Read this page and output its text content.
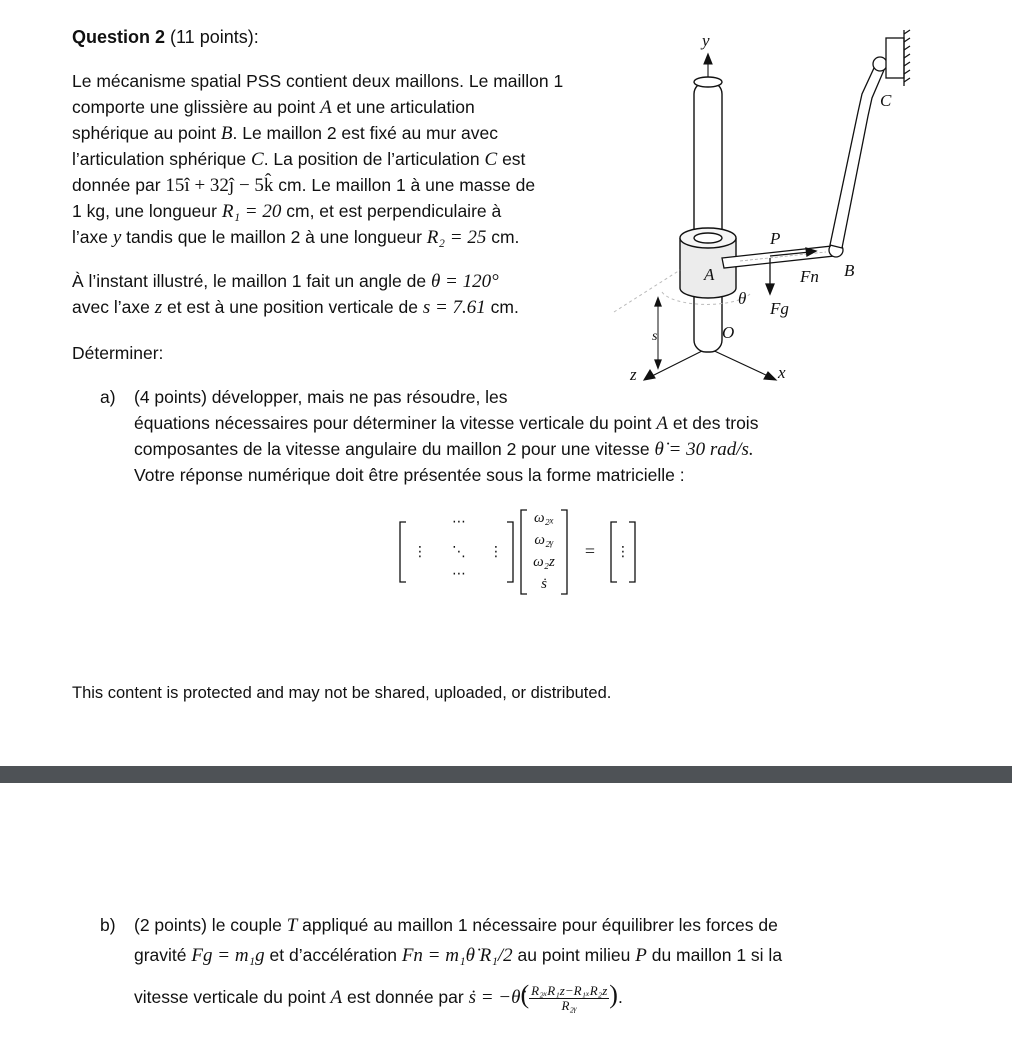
Question 2 (11 points):
Le mécanisme spatial PSS contient deux maillons. Le maillon 1
comporte une glissière au point A et une articulation
sphérique au point B. Le maillon 2 est fixé au mur avec
l’articulation sphérique C. La position de l’articulation C est
donnée par 15î + 32ĵ − 5k̂ cm. Le maillon 1 à une masse de
1 kg, une longueur R₁ = 20 cm, et est perpendiculaire à
l’axe y tandis que le maillon 2 à une longueur R₂ = 25 cm.
À l’instant illustré, le maillon 1 fait un angle de θ = 120°
avec l’axe z et est à une position verticale de s = 7.61 cm.
Déterminer:
a) (4 points) développer, mais ne pas résoudre, les
équations nécessaires pour déterminer la vitesse verticale du point A et des trois
composantes de la vitesse angulaire du maillon 2 pour une vitesse θ̇ = 30 rad/s.
Votre réponse numérique doit être présentée sous la forme matricielle :
⋯
⋮ ⋱ ⋮
⋯
⋮
ω₂ₓ
ω₂ᵧ
ω₂z
ṡ
=
This content is protected and may not be shared, uploaded, or distributed.
b) (2 points) le couple T appliqué au maillon 1 nécessaire pour équilibrer les forces de
gravité Fg = m₁g et d’accélération Fn = m₁θ̇ R₁/2 au point milieu P du maillon 1 si la
vitesse verticale du point A est donnée par ṡ = −θ̇( $\frac{\text{R₂ₓR₁z−R₁ₓR₂z}}{\text{R₂ᵧ}}$ ).
y
x
z
s	O
A	B
C
P
θ
Fn
Fg
